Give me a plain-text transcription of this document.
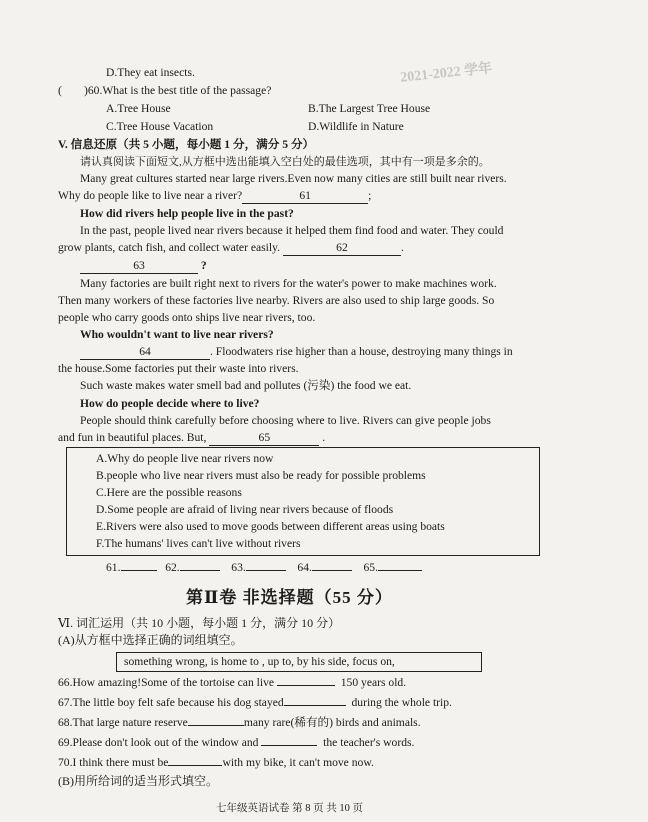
2021-2022 学年
D.They eat insects.
( )60.What is the best title of the passage?
A.Tree House	B.The Largest Tree House
C.Tree House Vacation	D.Wildlife in Nature
V. 信息还原（共 5 小题，每小题 1 分，满分 5 分）
请认真阅读下面短文,从方框中选出能填入空白处的最佳选项，其中有一项是多余的。
Many great cultures started near large rivers.Even now many cities are still built near rivers.
Why do people like to live near a river?	61	;
How did rivers help people live in the past?
In the past, people lived near rivers because it helped them find food and water. They could
grow plants, catch fish, and collect water easily.	62	.
63	?
Many factories are built right next to rivers for the water's power to make machines work.
Then many workers of these factories live nearby. Rivers are also used to ship large goods. So
people who carry goods onto ships live near rivers, too.
Who wouldn't want to live near rivers?
64	. Floodwaters rise higher than a house, destroying many things in
the house.Some factories put their waste into rivers.
Such waste makes water smell bad and pollutes (污染) the food we eat.
How do people decide where to live?
People should think carefully before choosing where to live. Rivers can give people jobs
and fun in beautiful places. But,	65	.
A.Why do people live near rivers now
B.people who live near rivers must also be ready for possible problems
C.Here are the possible reasons
D.Some people are afraid of living near rivers because of floods
E.Rivers were also used to move goods between different areas using boats
F.The humans' lives can't live without rivers
61.	62.	63.	64.	65.
第Ⅱ卷 非选择题（55 分）
Ⅵ. 词汇运用（共 10 小题，每小题 1 分，满分 10 分）
(A)从方框中选择正确的词组填空。
something wrong, is home to , up to, by his side, focus on,
66.How amazing!Some of the tortoise can live	150 years old.
67.The little boy felt safe because his dog stayed	during the whole trip.
68.That large nature reserve	many rare(稀有的) birds and animals.
69.Please don't look out of the window and	the teacher's words.
70.I think there must be	with my bike, it can't move now.
(B)用所给词的适当形式填空。
七年级英语试卷 第 8 页 共 10 页
